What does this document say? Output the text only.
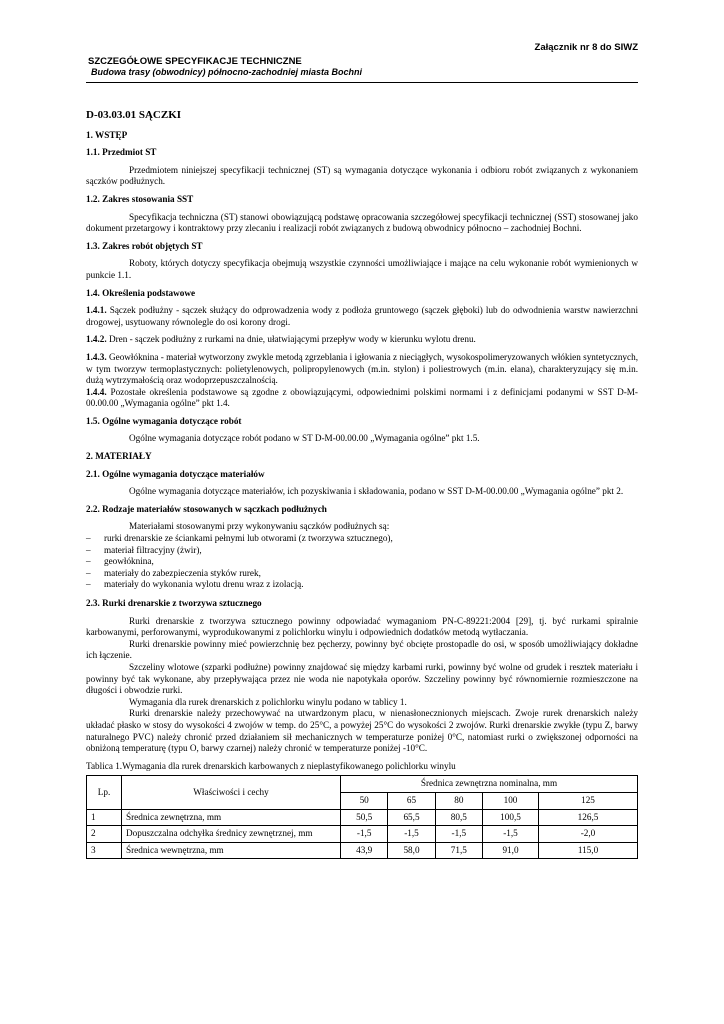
Załącznik nr 8 do SIWZ
SZCZEGÓŁOWE SPECYFIKACJE TECHNICZNE
Budowa trasy (obwodnicy) północno-zachodniej miasta Bochni
D-03.03.01 SĄCZKI
1. WSTĘP
1.1. Przedmiot ST

Przedmiotem niniejszej specyfikacji technicznej (ST) są wymagania dotyczące wykonania i odbioru robót związanych z wykonaniem sączków podłużnych.

1.2. Zakres stosowania SST

Specyfikacja techniczna (ST) stanowi obowiązującą podstawę opracowania szczegółowej specyfikacji technicznej (SST) stosowanej jako dokument przetargowy i kontraktowy przy zlecaniu i realizacji robót związanych z budową obwodnicy północno – zachodniej Bochni.

1.3. Zakres robót objętych ST

Roboty, których dotyczy specyfikacja obejmują wszystkie czynności umożliwiające i mające na celu wykonanie robót wymienionych w punkcie 1.1.

1.4. Określenia podstawowe

1.4.1. Sączek podłużny - sączek służący do odprowadzenia wody z podłoża gruntowego (sączek głęboki) lub do odwodnienia warstw nawierzchni drogowej, usytuowany równolegle do osi korony drogi.

1.4.2. Dren - sączek podłużny z rurkami na dnie, ułatwiającymi przepływ wody w kierunku wylotu drenu.

1.4.3. Geowłóknina - materiał wytworzony zwykle metodą zgrzeblania i igłowania z nieciągłych, wysokospolimeryzowanych włókien syntetycznych, w tym tworzyw termoplastycznych: polietylenowych, polipropylenowych (m.in. stylon) i poliestrowych (m.in. elana), charakteryzujący się m.in. dużą wytrzymałością oraz wodoprzepuszczalnością.

1.4.4. Pozostałe określenia podstawowe są zgodne z obowiązującymi, odpowiednimi polskimi normami i z definicjami podanymi w SST D-M-00.00.00 „Wymagania ogólne” pkt 1.4.

1.5. Ogólne wymagania dotyczące robót

Ogólne wymagania dotyczące robót podano w ST D-M-00.00.00 „Wymagania ogólne” pkt 1.5.

2. MATERIAŁY
2.1. Ogólne wymagania dotyczące materiałów

Ogólne wymagania dotyczące materiałów, ich pozyskiwania i składowania, podano w SST D-M-00.00.00 „Wymagania ogólne” pkt 2.

2.2. Rodzaje materiałów stosowanych w sączkach podłużnych

Materiałami stosowanymi przy wykonywaniu sączków podłużnych są:

– rurki drenarskie ze ściankami pełnymi lub otworami (z tworzywa sztucznego),
– materiał filtracyjny (żwir),
– geowłóknina,
– materiały do zabezpieczenia styków rurek,
– materiały do wykonania wylotu drenu wraz z izolacją.
2.3. Rurki drenarskie z tworzywa sztucznego

Rurki drenarskie z tworzywa sztucznego powinny odpowiadać wymaganiom PN-C-89221:2004 [29], tj. być rurkami spiralnie karbowanymi, perforowanymi, wyprodukowanymi z polichlorku winylu i odpowiednich dodatków metodą wytłaczania.

Rurki drenarskie powinny mieć powierzchnię bez pęcherzy, powinny być obcięte prostopadle do osi, w sposób umożliwiający dokładne ich łączenie.

Szczeliny wlotowe (szparki podłużne) powinny znajdować się między karbami rurki, powinny być wolne od grudek i resztek materiału i powinny być tak wykonane, aby przepływająca przez nie woda nie napotykała oporów. Szczeliny powinny być równomiernie rozmieszczone na długości i obwodzie rurki.

Wymagania dla rurek drenarskich z polichlorku winylu podano w tablicy 1.

Rurki drenarskie należy przechowywać na utwardzonym placu, w nienasłonecznionych miejscach. Zwoje rurek drenarskich należy układać płasko w stosy do wysokości 4 zwojów w temp. do 25°C, a powyżej 25°C do wysokości 2 zwojów. Rurki drenarskie zwykłe (typu Z, barwy naturalnego PVC) należy chronić przed działaniem sił mechanicznych w temperaturze poniżej 0°C, natomiast rurki o zwiększonej odporności na obniżoną temperaturę (typu O, barwy czarnej) należy chronić w temperaturze poniżej -10°C.

Tablica 1.Wymagania dla rurek drenarskich karbowanych z nieplastyfikowanego polichlorku winylu
Lp.	Właściwości i cechy	Średnica zewnętrzna nominalna, mm				
		50	65	80	100	125
1	Średnica zewnętrzna, mm	50,5	65,5	80,5	100,5	126,5
2	Dopuszczalna odchyłka średnicy zewnętrznej, mm	-1,5	-1,5	-1,5	-1,5	-2,0
3	Średnica wewnętrzna, mm	43,9	58,0	71,5	91,0	115,0
